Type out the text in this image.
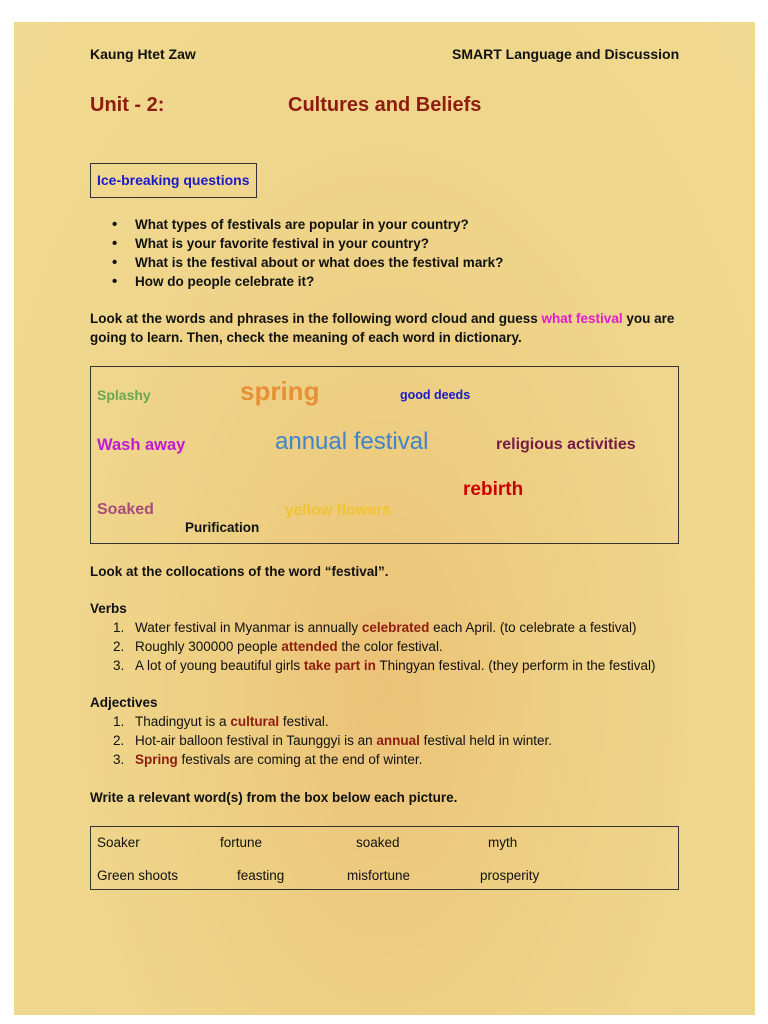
Kaung Htet Zaw	SMART Language and Discussion
Unit - 2:	Cultures and Beliefs
Ice-breaking questions
• What types of festivals are popular in your country?
• What is your favorite festival in your country?
• What is the festival about or what does the festival mark?
• How do people celebrate it?
Look at the words and phrases in the following word cloud and guess what festival you are going to learn. Then, check the meaning of each word in dictionary.
Splashy	spring	good deeds
Wash away	annual festival	religious activities
rebirth
Soaked	yellow flowers
Purification
Look at the collocations of the word “festival”.
Verbs
1. Water festival in Myanmar is annually celebrated each April. (to celebrate a festival)
2. Roughly 300000 people attended the color festival.
3. A lot of young beautiful girls take part in Thingyan festival. (they perform in the festival)
Adjectives
1. Thadingyut is a cultural festival.
2. Hot-air balloon festival in Taunggyi is an annual festival held in winter.
3. Spring festivals are coming at the end of winter.
Write a relevant word(s) from the box below each picture.
Soaker	fortune	soaked	myth
Green shoots	feasting	misfortune	prosperity
